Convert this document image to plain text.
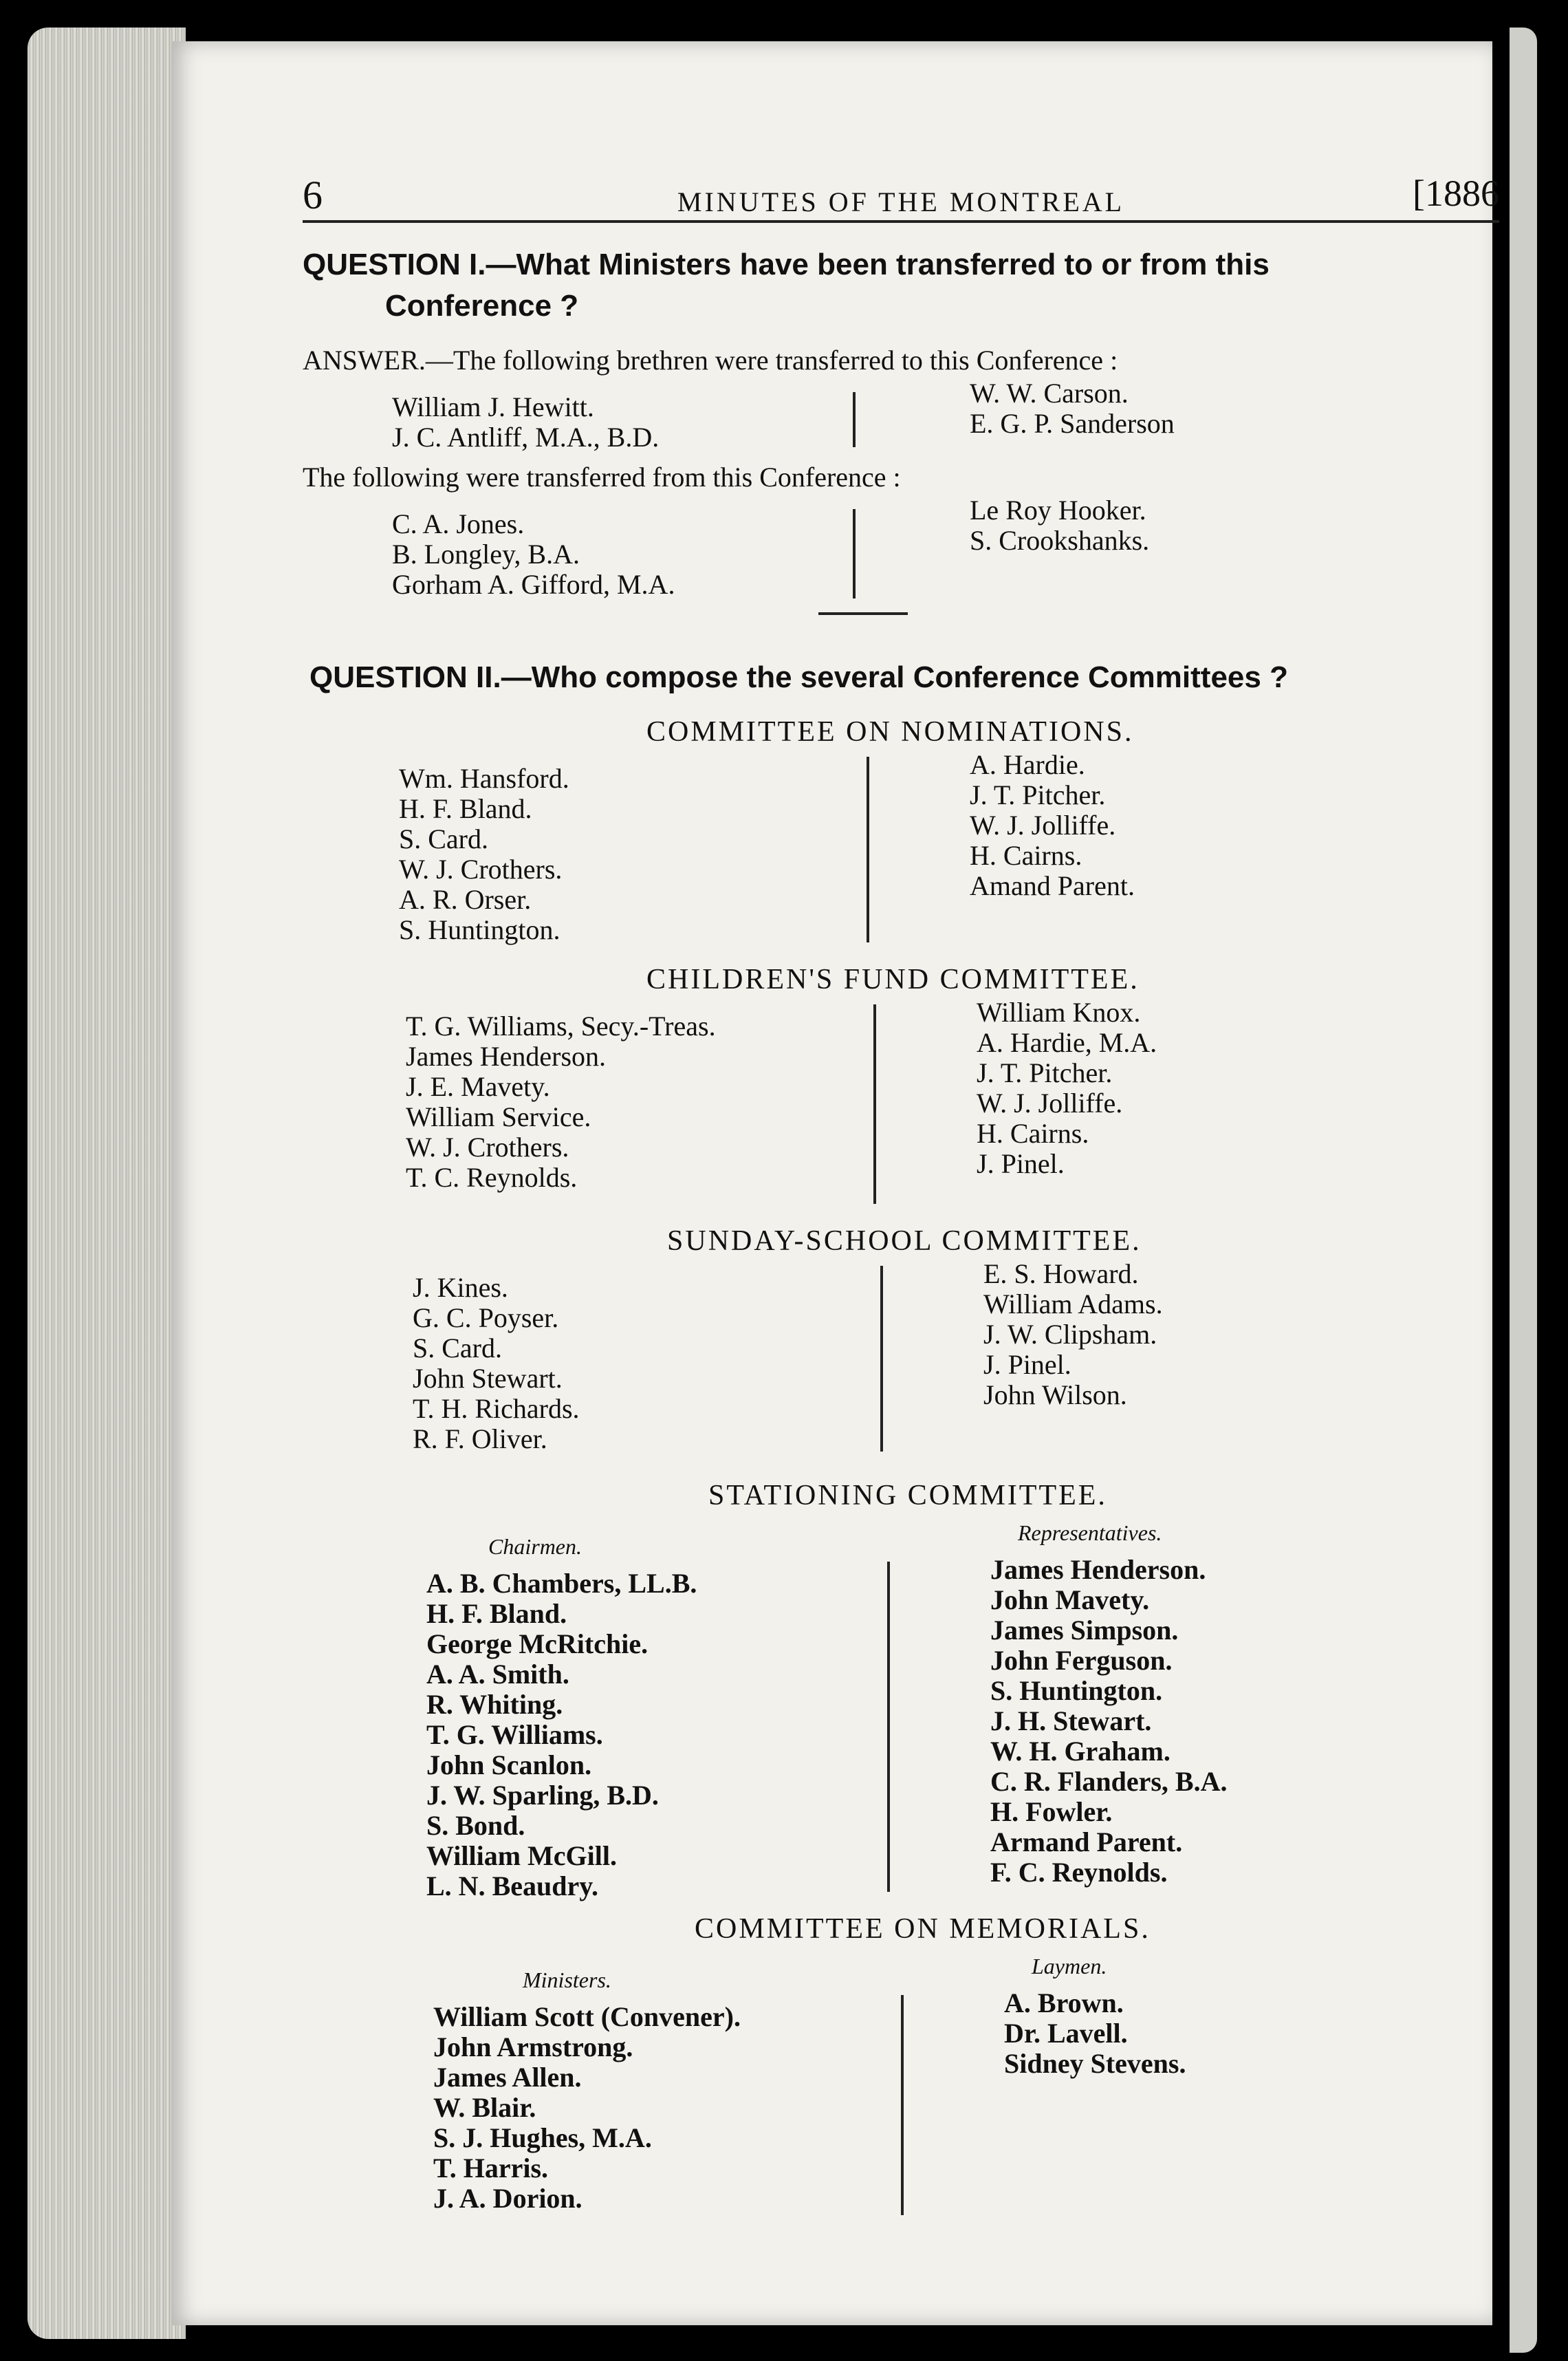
6	MINUTES OF THE MONTREAL	[1886
QUESTION I.—What Ministers have been transferred to or from this
Conference ?
ANSWER.—The following brethren were transferred to this Conference :
William J. Hewitt.
J. C. Antliff, M.A., B.D.
W. W. Carson.
E. G. P. Sanderson
The following were transferred from this Conference :
C. A. Jones.
B. Longley, B.A.
Gorham A. Gifford, M.A.
Le Roy Hooker.
S. Crookshanks.
QUESTION II.—Who compose the several Conference Committees ?
COMMITTEE ON NOMINATIONS.
Wm. Hansford.
H. F. Bland.
S. Card.
W. J. Crothers.
A. R. Orser.
S. Huntington.
A. Hardie.
J. T. Pitcher.
W. J. Jolliffe.
H. Cairns.
Amand Parent.
CHILDREN'S FUND COMMITTEE.
T. G. Williams, Secy.-Treas.
James Henderson.
J. E. Mavety.
William Service.
W. J. Crothers.
T. C. Reynolds.
William Knox.
A. Hardie, M.A.
J. T. Pitcher.
W. J. Jolliffe.
H. Cairns.
J. Pinel.
SUNDAY-SCHOOL COMMITTEE.
J. Kines.
G. C. Poyser.
S. Card.
John Stewart.
T. H. Richards.
R. F. Oliver.
E. S. Howard.
William Adams.
J. W. Clipsham.
J. Pinel.
John Wilson.
STATIONING COMMITTEE.
Chairmen.
Representatives.
A. B. Chambers, LL.B.
H. F. Bland.
George McRitchie.
A. A. Smith.
R. Whiting.
T. G. Williams.
John Scanlon.
J. W. Sparling, B.D.
S. Bond.
William McGill.
L. N. Beaudry.
James Henderson.
John Mavety.
James Simpson.
John Ferguson.
S. Huntington.
J. H. Stewart.
W. H. Graham.
C. R. Flanders, B.A.
H. Fowler.
Armand Parent.
F. C. Reynolds.
COMMITTEE ON MEMORIALS.
Ministers.
Laymen.
William Scott (Convener).
John Armstrong.
James Allen.
W. Blair.
S. J. Hughes, M.A.
T. Harris.
J. A. Dorion.
A. Brown.
Dr. Lavell.
Sidney Stevens.
